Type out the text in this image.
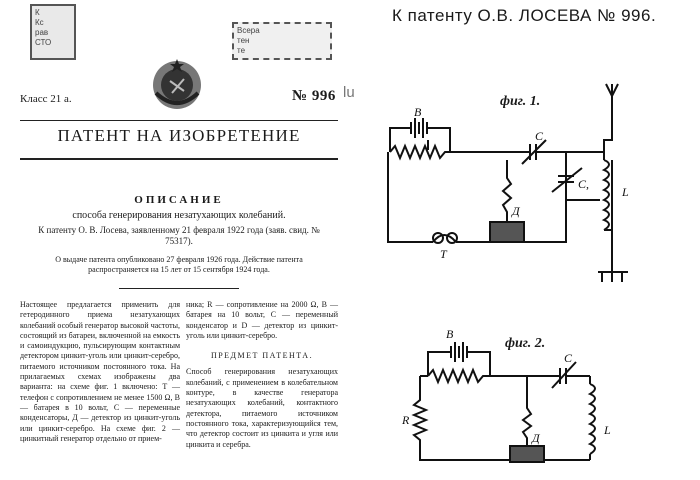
К
Кс
рав
СТО
Всера
тен
те
Класс 21 а.	№ 996 lu
ПАТЕНТ НА ИЗОБРЕТЕНИЕ
ОПИСАНИЕ
способа генерирования незатухающих колебаний.
К патенту О. В. Лосева, заявленному 21 февраля 1922 года (заяв. свид. № 75317).
О выдаче патента опубликовано 27 февраля 1926 года. Действие патента распространяется на 15 лет от 15 сентября 1924 года.
Настоящее предлагается применить для гетеродинного приема незатухающих колебаний особый генератор высокой частоты, состоящий из батареи, включенной на емкость и самоиндукцию, пульсирующим контактным детектором цинкит-уголь или цинкит-серебро, питаемого источником постоянного тока. На прилагаемых схемах изображены два варианта: на схеме фиг. 1 включено: T — телефон с сопротивлением не менее 1500 Ω, B — батарея в 10 вольт, C — переменные конденсаторы, Д — детектор из цинкит-уголь или цинкит-серебро. На схеме фиг. 2 — цинкитный генератор отдельно от прием-
ника; R — сопротивление на 2000 Ω, B — батарея на 10 вольт, C — переменный конденсатор и D — детектор из цинкит-уголь или цинкит-серебро.
ПРЕДМЕТ ПАТЕНТА.
Способ генерирования незатухающих колебаний, с применением в колебательном контуре, в качестве генератора незатухающих колебаний, контактного детектора, питаемого источником постоянного тока, характеризующийся тем, что детектор состоит из цинкита и угля или цинкита и серебра.
К патенту О.В. ЛОСЕВА № 996.
фиг. 1.
фиг. 2.
B
C
C,
L
Д
T
B
C
R
L
Д
